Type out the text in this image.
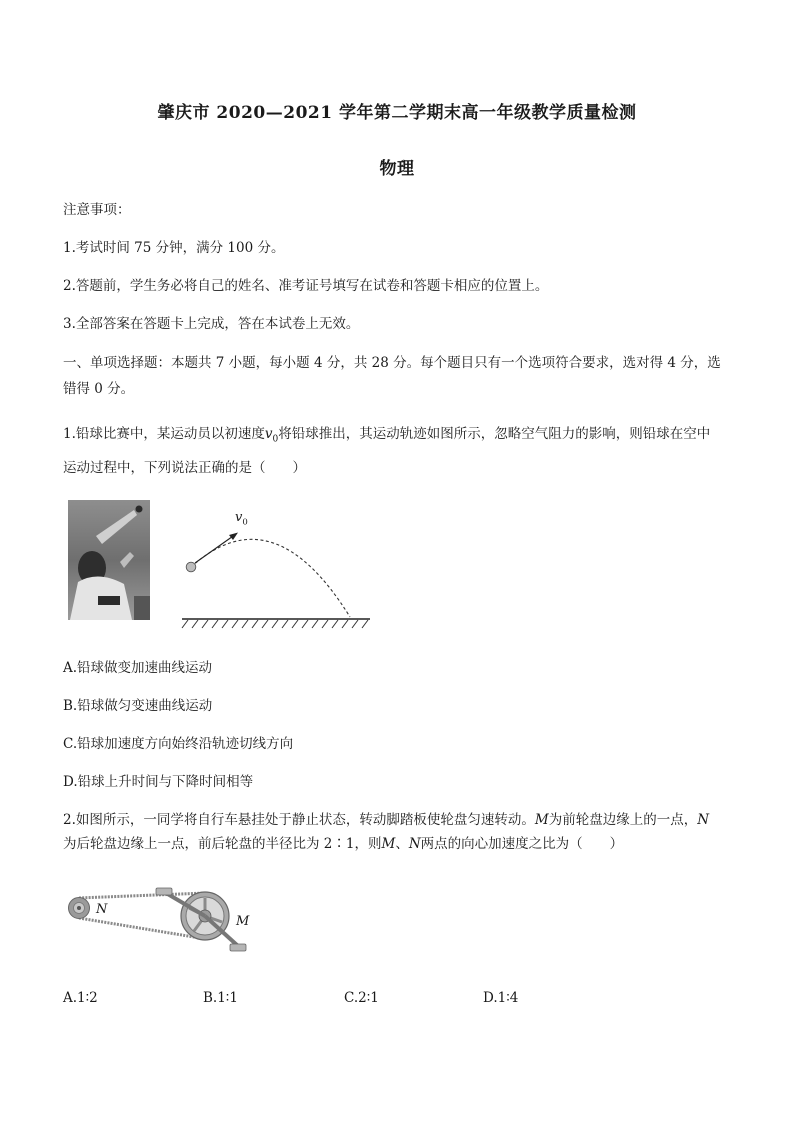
肇庆市 2020—2021 学年第二学期末高一年级教学质量检测
物理
注意事项：
1.考试时间 75 分钟，满分 100 分。
2.答题前，学生务必将自己的姓名、准考证号填写在试卷和答题卡相应的位置上。
3.全部答案在答题卡上完成，答在本试卷上无效。
一、单项选择题：本题共 7 小题，每小题 4 分，共 28 分。每个题目只有一个选项符合要求，选对得 4 分，选
错得 0 分。
1.铅球比赛中，某运动员以初速度$v_0$将铅球推出，其运动轨迹如图所示，忽略空气阻力的影响，则铅球在空中
运动过程中，下列说法正确的是（　　）
$v_0$
A.铅球做变加速曲线运动
B.铅球做匀变速曲线运动
C.铅球加速度方向始终沿轨迹切线方向
D.铅球上升时间与下降时间相等
2.如图所示，一同学将自行车悬挂处于静止状态，转动脚踏板使轮盘匀速转动。M为前轮盘边缘上的一点，N
为后轮盘边缘上一点，前后轮盘的半径比为 2∶1，则M、N两点的向心加速度之比为（　　）
N
M
A.1∶2	B.1∶1	C.2∶1	D.1∶4
